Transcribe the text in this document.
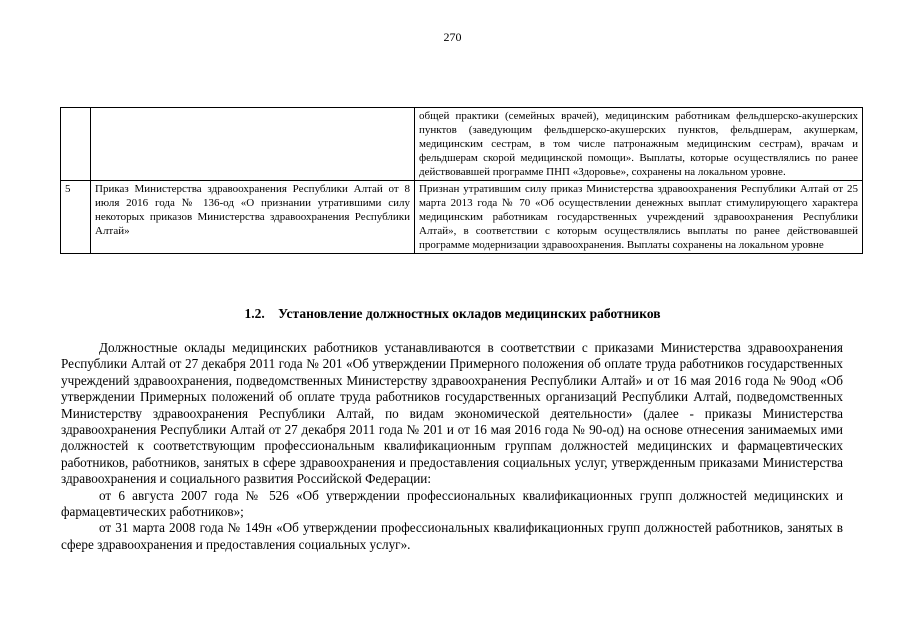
270
		общей практики (семейных врачей), медицинским работникам фельдшерско-акушерских пунктов (заведующим фельдшерско-акушерских пунктов, фельдшерам, акушеркам, медицинским сестрам, в том числе патронажным медицинским сестрам), врачам и фельдшерам скорой медицинской помощи». Выплаты, которые осуществлялись по ранее действовавшей программе ПНП «Здоровье», сохранены на локальном уровне.
5	Приказ Министерства здравоохранения Республики Алтай от 8 июля 2016 года № 136-од «О признании утратившими силу некоторых приказов Министерства здравоохранения Республики Алтай»	Признан утратившим силу приказ Министерства здравоохранения Республики Алтай от 25 марта 2013 года № 70 «Об осуществлении денежных выплат стимулирующего характера медицинским работникам государственных учреждений здравоохранения Республики Алтай», в соответствии с которым осуществлялись выплаты по ранее действовавшей программе модернизации здравоохранения. Выплаты сохранены на локальном уровне
1.2. Установление должностных окладов медицинских работников

Должностные оклады медицинских работников устанавливаются в соответствии с приказами Министерства здравоохранения Республики Алтай от 27 декабря 2011 года № 201 «Об утверждении Примерного положения об оплате труда работников государственных учреждений здравоохранения, подведомственных Министерству здравоохранения Республики Алтай» и от 16 мая 2016 года № 90од «Об утверждении Примерных положений об оплате труда работников государственных организаций Республики Алтай, подведомственных Министерству здравоохранения Республики Алтай, по видам экономической деятельности» (далее - приказы Министерства здравоохранения Республики Алтай от 27 декабря 2011 года № 201 и от 16 мая 2016 года № 90-од) на основе отнесения занимаемых ими должностей к соответствующим профессиональным квалификационным группам должностей медицинских и фармацевтических работников, работников, занятых в сфере здравоохранения и предоставления социальных услуг, утвержденным приказами Министерства здравоохранения и социального развития Российской Федерации:

от 6 августа 2007 года № 526 «Об утверждении профессиональных квалификационных групп должностей медицинских и фармацевтических работников»;

от 31 марта 2008 года № 149н «Об утверждении профессиональных квалификационных групп должностей работников, занятых в сфере здравоохранения и предоставления социальных услуг».
